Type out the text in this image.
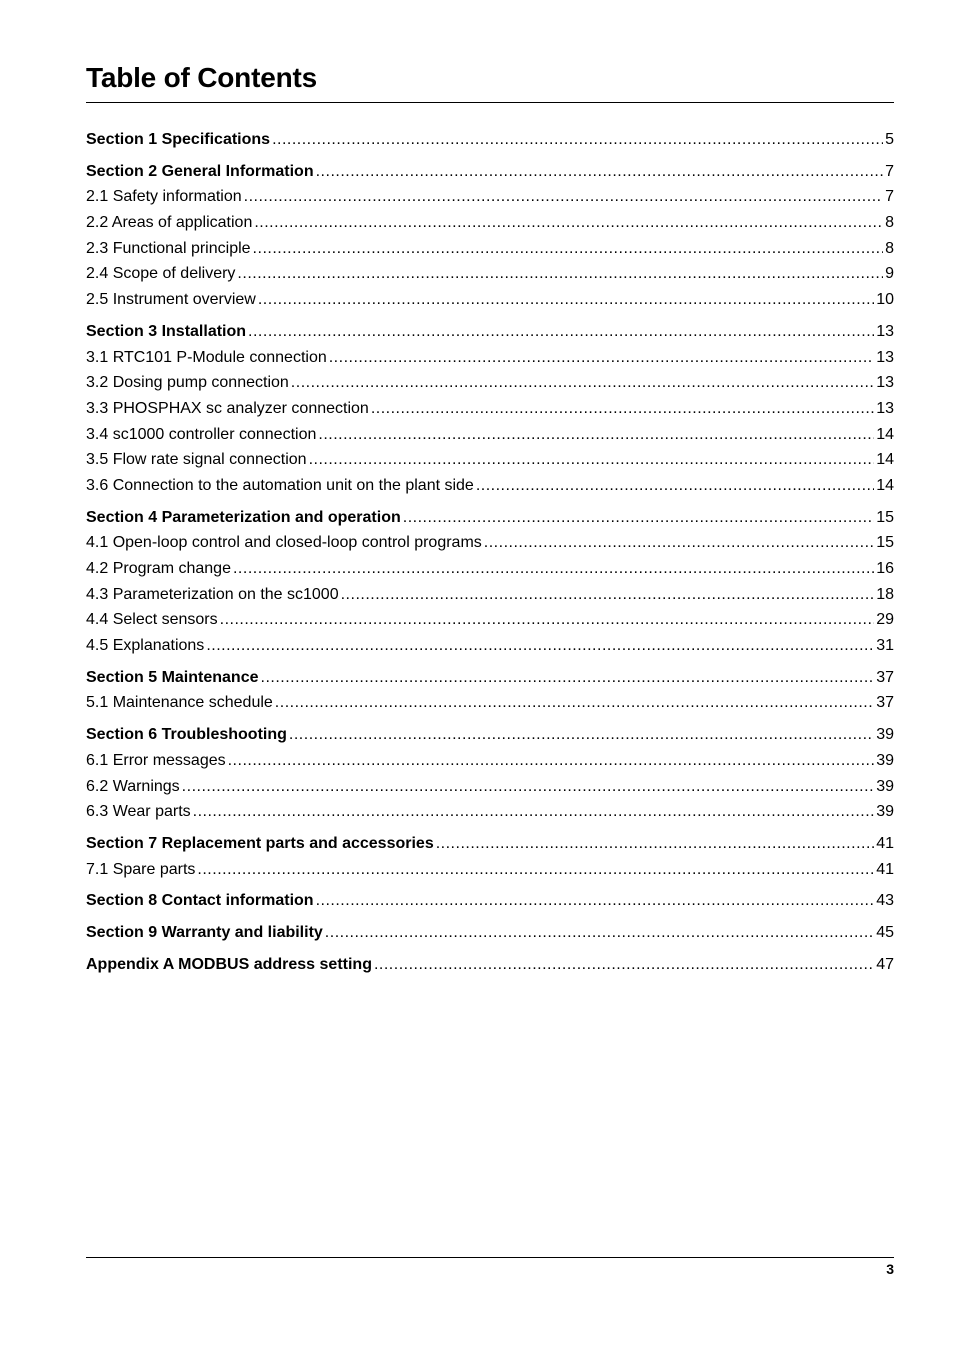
Table of Contents
Section 1 Specifications .....	5
Section 2 General Information .....	7
2.1 Safety information .....	7
2.2 Areas of application .....	8
2.3 Functional principle .....	8
2.4 Scope of delivery .....	9
2.5 Instrument overview .....	10
Section 3 Installation .....	13
3.1 RTC101 P-Module connection .....	13
3.2 Dosing pump connection .....	13
3.3 PHOSPHAX sc analyzer connection .....	13
3.4 sc1000 controller connection .....	14
3.5 Flow rate signal connection .....	14
3.6 Connection to the automation unit on the plant side .....	14
Section 4 Parameterization and operation .....	15
4.1 Open-loop control and closed-loop control programs .....	15
4.2 Program change .....	16
4.3 Parameterization on the sc1000 .....	18
4.4 Select sensors .....	29
4.5 Explanations .....	31
Section 5 Maintenance .....	37
5.1 Maintenance schedule .....	37
Section 6 Troubleshooting .....	39
6.1 Error messages .....	39
6.2 Warnings .....	39
6.3 Wear parts .....	39
Section 7 Replacement parts and accessories .....	41
7.1 Spare parts .....	41
Section 8 Contact information .....	43
Section 9 Warranty and liability .....	45
Appendix A MODBUS address setting .....	47
3
